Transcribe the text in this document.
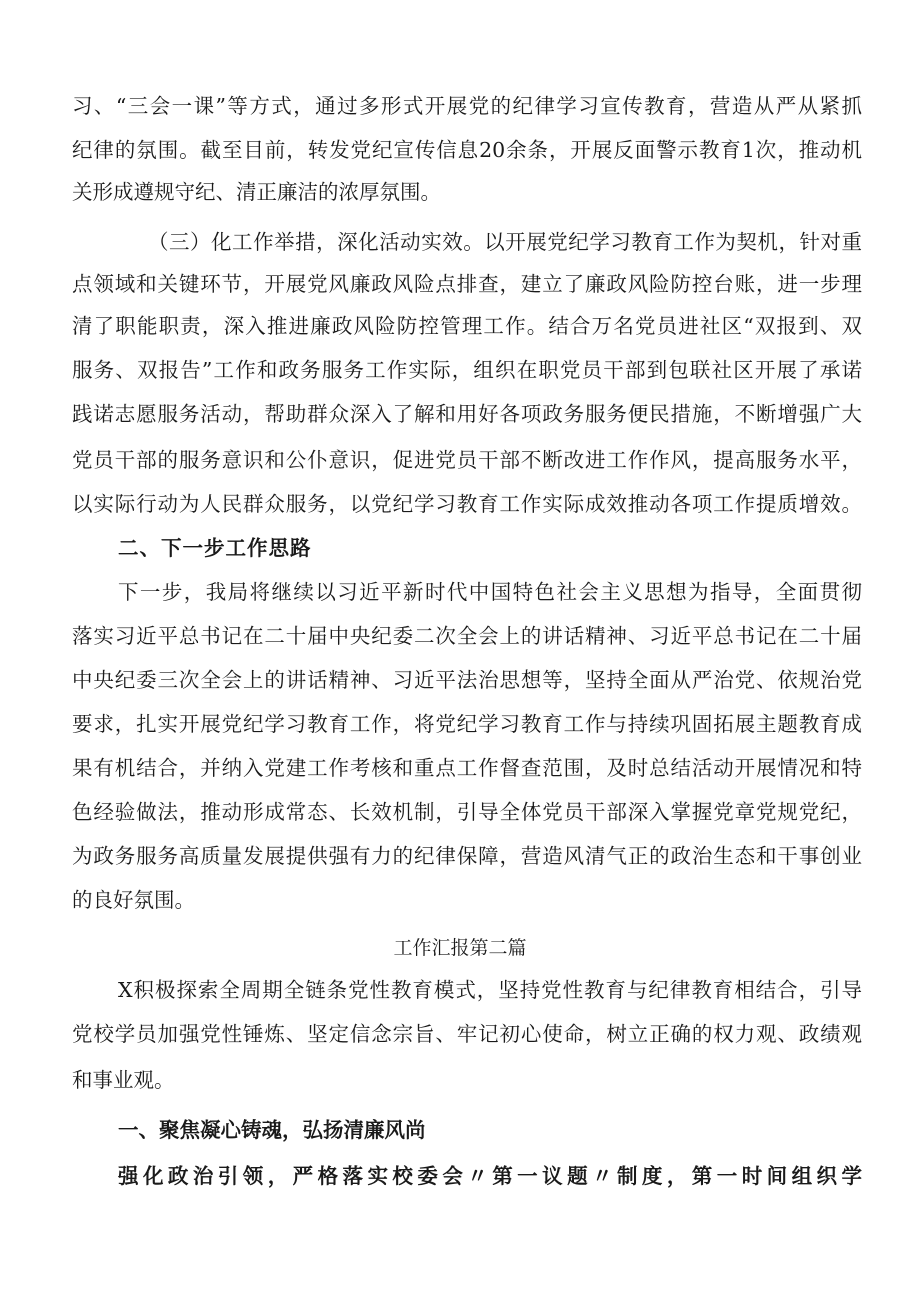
习、“三会一课”等方式，通过多形式开展党的纪律学习宣传教育，营造从严从紧抓
纪律的氛围。截至目前，转发党纪宣传信息20余条，开展反面警示教育1次，推动机
关形成遵规守纪、清正廉洁的浓厚氛围。
（三）化工作举措，深化活动实效。以开展党纪学习教育工作为契机，针对重
点领域和关键环节，开展党风廉政风险点排查，建立了廉政风险防控台账，进一步理
清了职能职责，深入推进廉政风险防控管理工作。结合万名党员进社区“双报到、双
服务、双报告”工作和政务服务工作实际，组织在职党员干部到包联社区开展了承诺
践诺志愿服务活动，帮助群众深入了解和用好各项政务服务便民措施，不断增强广大
党员干部的服务意识和公仆意识，促进党员干部不断改进工作作风，提高服务水平，
以实际行动为人民群众服务，以党纪学习教育工作实际成效推动各项工作提质增效。
二、下一步工作思路
下一步，我局将继续以习近平新时代中国特色社会主义思想为指导，全面贯彻
落实习近平总书记在二十届中央纪委二次全会上的讲话精神、习近平总书记在二十届
中央纪委三次全会上的讲话精神、习近平法治思想等，坚持全面从严治党、依规治党
要求，扎实开展党纪学习教育工作，将党纪学习教育工作与持续巩固拓展主题教育成
果有机结合，并纳入党建工作考核和重点工作督查范围，及时总结活动开展情况和特
色经验做法，推动形成常态、长效机制，引导全体党员干部深入掌握党章党规党纪，
为政务服务高质量发展提供强有力的纪律保障，营造风清气正的政治生态和干事创业
的良好氛围。
工作汇报第二篇
X积极探索全周期全链条党性教育模式，坚持党性教育与纪律教育相结合，引导
党校学员加强党性锤炼、坚定信念宗旨、牢记初心使命，树立正确的权力观、政绩观
和事业观。
一、聚焦凝心铸魂，弘扬清廉风尚
强化政治引领，严格落实校委会〃第一议题〃制度，第一时间组织学
